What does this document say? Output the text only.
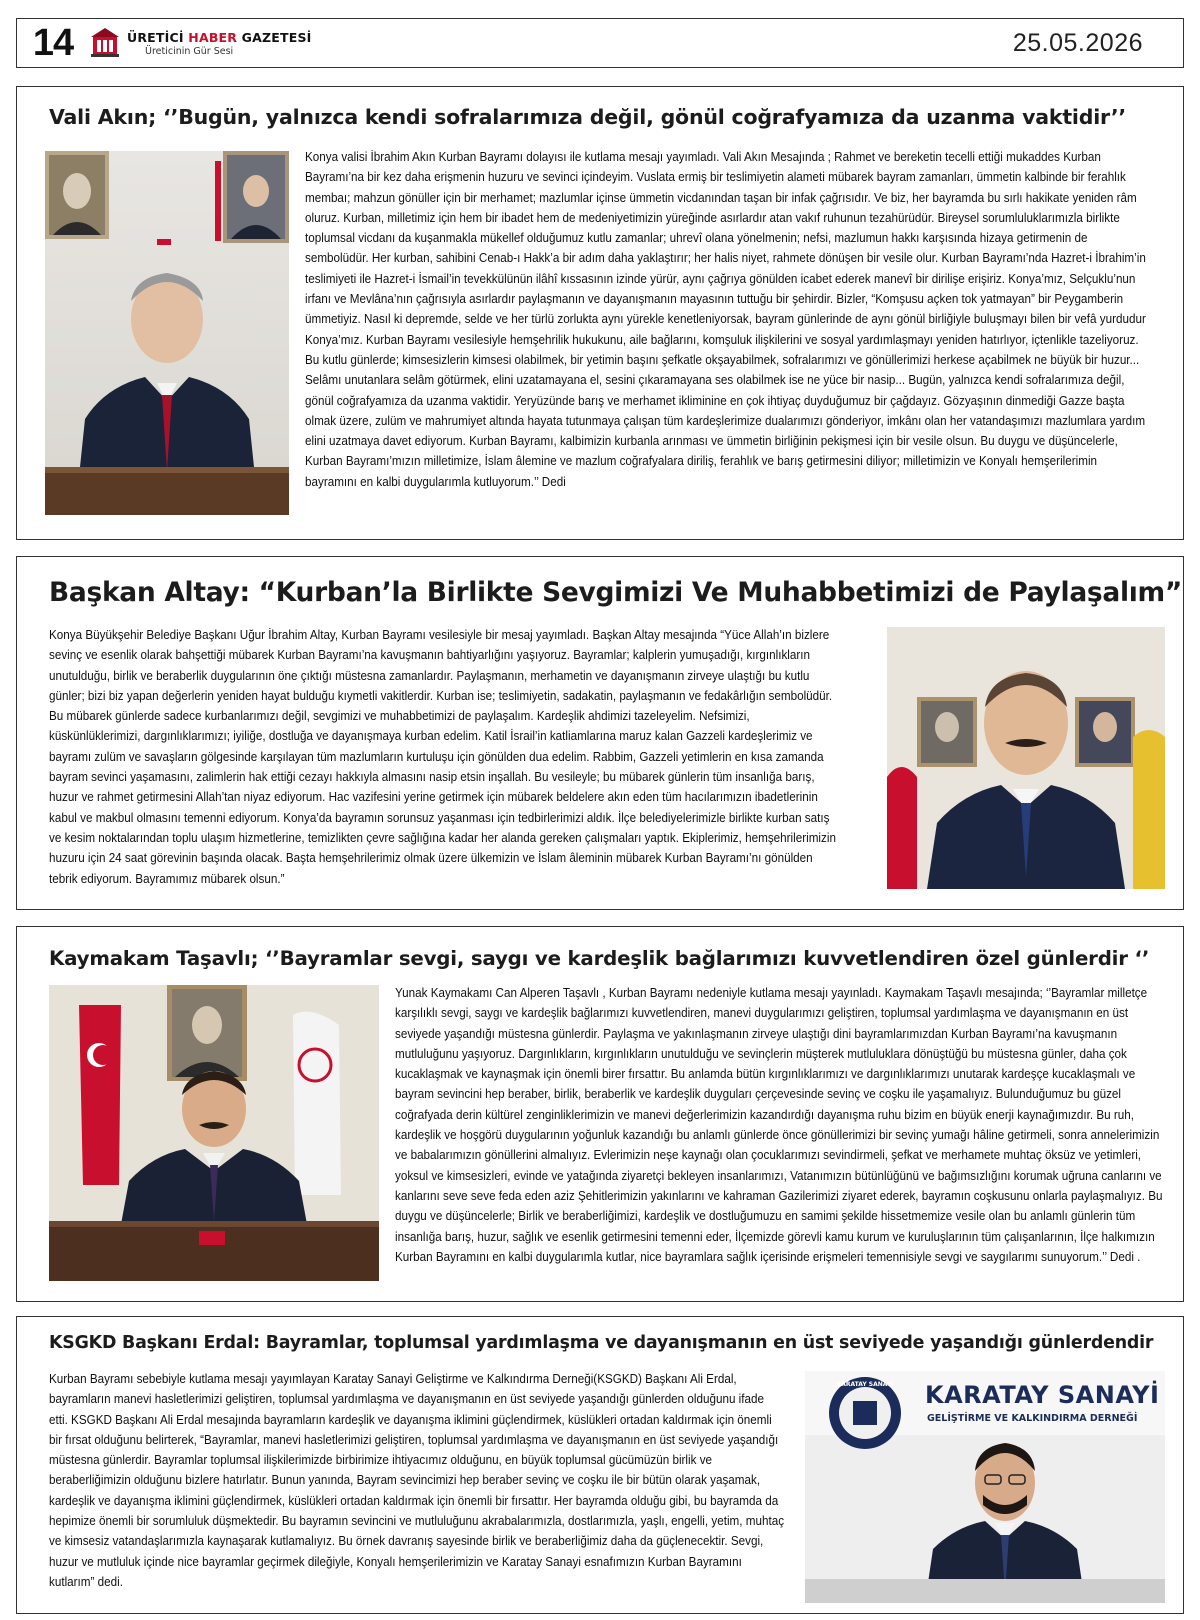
14	ÜRETİCİ HABER GAZETESİ
Üreticinin Gür Sesi	25.05.2026
Vali Akın; ‘’Bugün, yalnızca kendi sofralarımıza değil, gönül coğrafyamıza da uzanma vaktidir’’

Konya valisi İbrahim Akın Kurban Bayramı dolayısı ile kutlama mesajı yayımladı. Vali Akın Mesajında ; Rahmet ve bereketin tecelli ettiği mukaddes Kurban Bayramı’na bir kez daha erişmenin huzuru ve sevinci içindeyim. Vuslata ermiş bir teslimiyetin alameti mübarek bayram zamanları, ümmetin kalbinde bir ferahlık membaı; mahzun gönüller için bir merhamet; mazlumlar içinse ümmetin vicdanından taşan bir infak çağrısıdır. Ve biz, her bayramda bu sırlı hakikate yeniden râm oluruz. Kurban, milletimiz için hem bir ibadet hem de medeniyetimizin yüreğinde asırlardır atan vakıf ruhunun tezahürüdür. Bireysel sorumluluklarımızla birlikte toplumsal vicdanı da kuşanmakla mükellef olduğumuz kutlu zamanlar; uhrevî olana yönelmenin; nefsi, mazlumun hakkı karşısında hizaya getirmenin de sembolüdür. Her kurban, sahibini Cenab-ı Hakk’a bir adım daha yaklaştırır; her halis niyet, rahmete dönüşen bir vesile olur. Kurban Bayramı’nda Hazret-i İbrahim’in teslimiyeti ile Hazret-i İsmail’in tevekkülünün ilâhî kıssasının izinde yürür, aynı çağrıya gönülden icabet ederek manevî bir dirilişe erişiriz. Konya’mız, Selçuklu’nun irfanı ve Mevlâna’nın çağrısıyla asırlardır paylaşmanın ve dayanışmanın mayasının tuttuğu bir şehirdir. Bizler, “Komşusu açken tok yatmayan” bir Peygamberin ümmetiyiz. Nasıl ki depremde, selde ve her türlü zorlukta aynı yürekle kenetleniyorsak, bayram günlerinde de aynı gönül birliğiyle buluşmayı bilen bir vefâ yurdudur Konya’mız. Kurban Bayramı vesilesiyle hemşehrilik hukukunu, aile bağlarını, komşuluk ilişkilerini ve sosyal yardımlaşmayı yeniden hatırlıyor, içtenlikle tazeliyoruz. Bu kutlu günlerde; kimsesizlerin kimsesi olabilmek, bir yetimin başını şefkatle okşayabilmek, sofralarımızı ve gönüllerimizi herkese açabilmek ne büyük bir huzur... Selâmı unutanlara selâm götürmek, elini uzatamayana el, sesini çıkaramayana ses olabilmek ise ne yüce bir nasip... Bugün, yalnızca kendi sofralarımıza değil, gönül coğrafyamıza da uzanma vaktidir. Yeryüzünde barış ve merhamet ikliminine en çok ihtiyaç duyduğumuz bir çağdayız. Gözyaşının dinmediği Gazze başta olmak üzere, zulüm ve mahrumiyet altında hayata tutunmaya çalışan tüm kardeşlerimize dualarımızı gönderiyor, imkânı olan her vatandaşımızı mazlumlara yardım elini uzatmaya davet ediyorum. Kurban Bayramı, kalbimizin kurbanla arınması ve ümmetin birliğinin pekişmesi için bir vesile olsun. Bu duygu ve düşüncelerle, Kurban Bayramı’mızın milletimize, İslam âlemine ve mazlum coğrafyalara diriliş, ferahlık ve barış getirmesini diliyor; milletimizin ve Konyalı hemşerilerimin bayramını en kalbi duygularımla kutluyorum.’’ Dedi

Başkan Altay: “Kurban’la Birlikte Sevgimizi Ve Muhabbetimizi de Paylaşalım”

Konya Büyükşehir Belediye Başkanı Uğur İbrahim Altay, Kurban Bayramı vesilesiyle bir mesaj yayımladı. Başkan Altay mesajında “Yüce Allah’ın bizlere sevinç ve esenlik olarak bahşettiği mübarek Kurban Bayramı’na kavuşmanın bahtiyarlığını yaşıyoruz. Bayramlar; kalplerin yumuşadığı, kırgınlıkların unutulduğu, birlik ve beraberlik duygularının öne çıktığı müstesna zamanlardır. Paylaşmanın, merhametin ve dayanışmanın zirveye ulaştığı bu kutlu günler; bizi biz yapan değerlerin yeniden hayat bulduğu kıymetli vakitlerdir. Kurban ise; teslimiyetin, sadakatin, paylaşmanın ve fedakârlığın sembolüdür. Bu mübarek günlerde sadece kurbanlarımızı değil, sevgimizi ve muhabbetimizi de paylaşalım. Kardeşlik ahdimizi tazeleyelim. Nefsimizi, küskünlüklerimizi, dargınlıklarımızı; iyiliğe, dostluğa ve dayanışmaya kurban edelim. Katil İsrail’in katliamlarına maruz kalan Gazzeli kardeşlerimiz ve bayramı zulüm ve savaşların gölgesinde karşılayan tüm mazlumların kurtuluşu için gönülden dua edelim. Rabbim, Gazzeli yetimlerin en kısa zamanda bayram sevinci yaşamasını, zalimlerin hak ettiği cezayı hakkıyla almasını nasip etsin inşallah. Bu vesileyle; bu mübarek günlerin tüm insanlığa barış, huzur ve rahmet getirmesini Allah’tan niyaz ediyorum. Hac vazifesini yerine getirmek için mübarek beldelere akın eden tüm hacılarımızın ibadetlerinin kabul ve makbul olmasını temenni ediyorum. Konya’da bayramın sorunsuz yaşanması için tedbirlerimizi aldık. İlçe belediyelerimizle birlikte kurban satış ve kesim noktalarından toplu ulaşım hizmetlerine, temizlikten çevre sağlığına kadar her alanda gereken çalışmaları yaptık. Ekiplerimiz, hemşehrilerimizin huzuru için 24 saat görevinin başında olacak. Başta hemşehrilerimiz olmak üzere ülkemizin ve İslam âleminin mübarek Kurban Bayramı’nı gönülden tebrik ediyorum. Bayramımız mübarek olsun.”

Kaymakam Taşavlı; ‘’Bayramlar sevgi, saygı ve kardeşlik bağlarımızı kuvvetlendiren özel günlerdir ‘’

Yunak Kaymakamı Can Alperen Taşavlı , Kurban Bayramı nedeniyle kutlama mesajı yayınladı. Kaymakam Taşavlı mesajında; ‘’Bayramlar milletçe karşılıklı sevgi, saygı ve kardeşlik bağlarımızı kuvvetlendiren, manevi duygularımızı geliştiren, toplumsal yardımlaşma ve dayanışmanın en üst seviyede yaşandığı müstesna günlerdir. Paylaşma ve yakınlaşmanın zirveye ulaştığı dini bayramlarımızdan Kurban Bayramı’na kavuşmanın mutluluğunu yaşıyoruz. Dargınlıkların, kırgınlıkların unutulduğu ve sevinçlerin müşterek mutluluklara dönüştüğü bu müstesna günler, daha çok kucaklaşmak ve kaynaşmak için önemli birer fırsattır. Bu anlamda bütün kırgınlıklarımızı ve dargınlıklarımızı unutarak kardeşçe kucaklaşmalı ve bayram sevincini hep beraber, birlik, beraberlik ve kardeşlik duyguları çerçevesinde sevinç ve coşku ile yaşamalıyız. Bulunduğumuz bu güzel coğrafyada derin kültürel zenginliklerimizin ve manevi değerlerimizin kazandırdığı dayanışma ruhu bizim en büyük enerji kaynağımızdır. Bu ruh, kardeşlik ve hoşgörü duygularının yoğunluk kazandığı bu anlamlı günlerde önce gönüllerimizi bir sevinç yumağı hâline getirmeli, sonra annelerimizin ve babalarımızın gönüllerini almalıyız. Evlerimizin neşe kaynağı olan çocuklarımızı sevindirmeli, şefkat ve merhamete muhtaç öksüz ve yetimleri, yoksul ve kimsesizleri, evinde ve yatağında ziyaretçi bekleyen insanlarımızı, Vatanımızın bütünlüğünü ve bağımsızlığını korumak uğruna canlarını ve kanlarını seve seve feda eden aziz Şehitlerimizin yakınlarını ve kahraman Gazilerimizi ziyaret ederek, bayramın coşkusunu onlarla paylaşmalıyız. Bu duygu ve düşüncelerle; Birlik ve beraberliğimizi, kardeşlik ve dostluğumuzu en samimi şekilde hissetmemize vesile olan bu anlamlı günlerin tüm insanlığa barış, huzur, sağlık ve esenlik getirmesini temenni eder, İlçemizde görevli kamu kurum ve kuruluşlarının tüm çalışanlarının, İlçe halkımızın Kurban Bayramını en kalbi duygularımla kutlar, nice bayramlara sağlık içerisinde erişmeleri temennisiyle sevgi ve saygılarımı sunuyorum.’’ Dedi .

KSGKD Başkanı Erdal: Bayramlar, toplumsal yardımlaşma ve dayanışmanın en üst seviyede yaşandığı günlerdendir

Kurban Bayramı sebebiyle kutlama mesajı yayımlayan Karatay Sanayi Geliştirme ve Kalkındırma Derneği(KSGKD) Başkanı Ali Erdal, bayramların manevi hasletlerimizi geliştiren, toplumsal yardımlaşma ve dayanışmanın en üst seviyede yaşandığı günlerden olduğunu ifade etti. KSGKD Başkanı Ali Erdal mesajında bayramların kardeşlik ve dayanışma iklimini güçlendirmek, küslükleri ortadan kaldırmak için önemli bir fırsat olduğunu belirterek, “Bayramlar, manevi hasletlerimizi geliştiren, toplumsal yardımlaşma ve dayanışmanın en üst seviyede yaşandığı müstesna günlerdir. Bayramlar toplumsal ilişkilerimizde birbirimize ihtiyacımız olduğunu, en büyük toplumsal gücümüzün birlik ve beraberliğimizin olduğunu bizlere hatırlatır. Bunun yanında, Bayram sevincimizi hep beraber sevinç ve coşku ile bir bütün olarak yaşamak, kardeşlik ve dayanışma iklimini güçlendirmek, küslükleri ortadan kaldırmak için önemli bir fırsattır. Her bayramda olduğu gibi, bu bayramda da hepimize önemli bir sorumluluk düşmektedir. Bu bayramın sevincini ve mutluluğunu akrabalarımızla, dostlarımızla, yaşlı, engelli, yetim, muhtaç ve kimsesiz vatandaşlarımızla kaynaşarak kutlamalıyız. Bu örnek davranış sayesinde birlik ve beraberliğimiz daha da güçlenecektir. Sevgi, huzur ve mutluluk içinde nice bayramlar geçirmek dileğiyle, Konyalı hemşerilerimizin ve Karatay Sanayi esnafımızın Kurban Bayramını kutlarım” dedi.

KARATAY SANAYİ KARATAY SANAYİ
GELİŞTİRME VE KALKINDIRMA DERNEĞİ
